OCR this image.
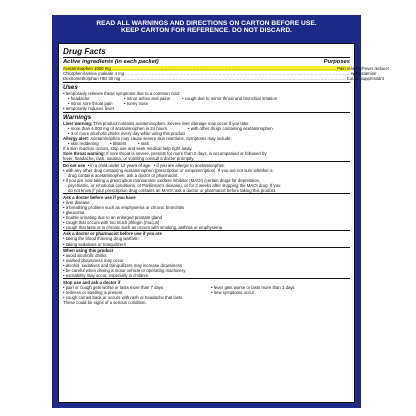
READ ALL WARNINGS AND DIRECTIONS ON CARTON BEFORE USE.
KEEP CARTON FOR REFERENCE. DO NOT DISCARD.
Drug Facts
Active ingredients (in each packet)	Purposes
Acetaminophen 1000 mg ................................................................................................................................................................. Pain reliever/Fever reducer
Chlorpheniramine maleate 4 mg ................................................................................................................................................................. Antihistamine
Dextromethorphan HBr 30 mg ................................................................................................................................................................. Cough suppressant
Uses
• temporarily relieves these symptoms due to a common cold:
• headache	• minor aches and pains	• cough due to minor throat and bronchial irritation
• minor sore throat pain	• runny nose
• temporarily reduces fever
Warnings
Liver warning: This product contains acetaminophen. Severe liver damage may occur if you take
• more than 4,000 mg of acetaminophen in 24 hours	• with other drugs containing acetaminophen
• 3 or more alcoholic drinks every day while using this product
Allergy alert: Acetaminophen may cause severe skin reactions. Symptoms may include:
• skin reddening	• blisters	• rash
If a skin reaction occurs, stop use and seek medical help right away.
Sore throat warning: If sore throat is severe, persists for more than 2 days, is accompanied or followed by
fever, headache, rash, nausea, or vomiting consult a doctor promptly.
Do not use • in a child under 12 years of age • if you are allergic to acetaminophen
• with any other drug containing acetaminophen (prescription or nonprescription). If you are not sure whether a
drug contains acetaminophen, ask a doctor or pharmacist.
• if you are now taking a prescription monoamine oxidase inhibitor (MAOI) (certain drugs for depression,
psychiatric, or emotional conditions, or Parkinson's disease), or for 2 weeks after stopping the MAOI drug. If you
do not know if your prescription drug contains an MAOI, ask a doctor or pharmacist before taking this product.
Ask a doctor before use if you have
• liver disease
• a breathing problem such as emphysema or chronic bronchitis
• glaucoma
• trouble urinating due to an enlarged prostate gland
• cough that occurs with too much phlegm (mucus)
• cough that lasts or is chronic such as occurs with smoking, asthma or emphysema
Ask a doctor or pharmacist before use if you are
• taking the blood thinning drug warfarin
• taking sedatives or tranquilizers
When using this product
• avoid alcoholic drinks
• marked drowsiness may occur
• alcohol, sedatives and tranquilizers may increase drowsiness
• be careful when driving a motor vehicle or operating machinery
• excitability may occur, especially in children
Stop use and ask a doctor if
• pain or cough gets worse or lasts more than 7 days	• fever gets worse or lasts more than 3 days
• redness or swelling is present	• new symptoms occur
• cough comes back or occurs with rash or headache that lasts
These could be signs of a serious condition.
